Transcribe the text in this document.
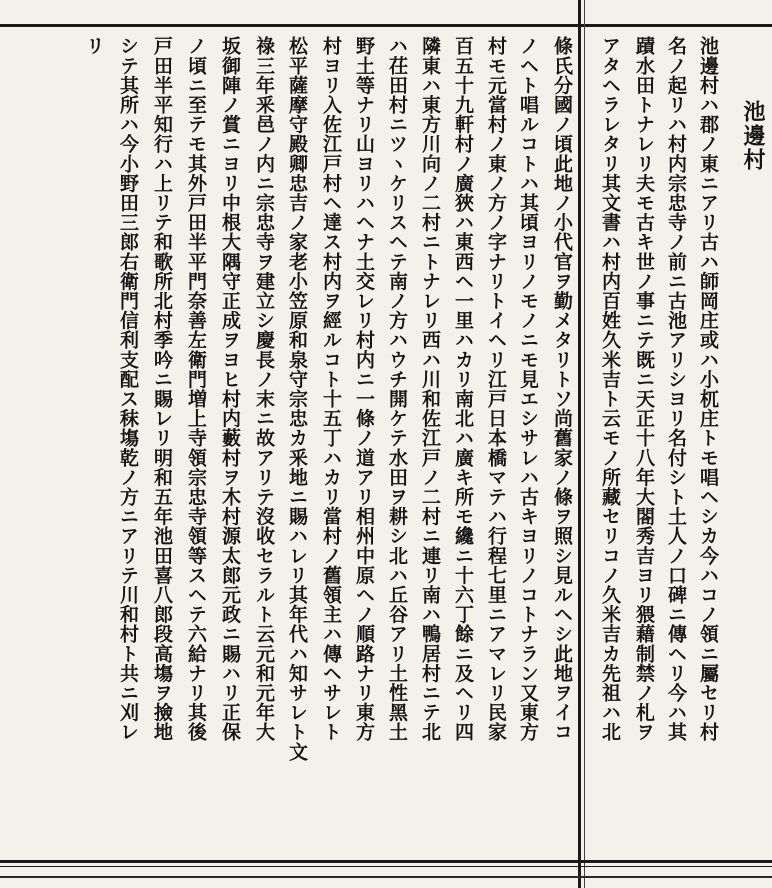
池邊村
池邊村ハ郡ノ東ニアリ古ハ師岡庄或ハ小杌庄トモ唱ヘシカ今ハコノ領ニ屬セリ村
名ノ起リハ村内宗忠寺ノ前ニ古池アリシヨリ名付シト土人ノ口碑ニ傳ヘリ今ハ其
蹟水田トナレリ夫モ古キ世ノ事ニテ既ニ天正十八年大閤秀吉ヨリ猥藉制禁ノ札ヲ
アタヘラレタリ其文書ハ村内百姓久米吉ト云モノ所藏セリコノ久米吉カ先祖ハ北
條氏分國ノ頃此地ノ小代官ヲ勤メタリトソ尚舊家ノ條ヲ照シ見ルヘシ此地ヲイコ
ノヘト唱ルコトハ其頃ヨリノモノニモ見エシサレハ古キヨリノコトナラン又東方
村モ元當村ノ東ノ方ノ字ナリトイヘリ江戸日本橋マテハ行程七里ニアマレリ民家
百五十九軒村ノ廣狹ハ東西ヘ一里ハカリ南北ハ廣キ所モ纔ニ十六丁餘ニ及ヘリ四
隣東ハ東方川向ノ二村ニトナレリ西ハ川和佐江戸ノ二村ニ連リ南ハ鴨居村ニテ北
ハ茌田村ニツヽケリスヘテ南ノ方ハウチ開ケテ水田ヲ耕シ北ハ丘谷アリ土性黑土
野土等ナリ山ヨリハヘナ土交レリ村内ニ一條ノ道アリ相州中原ヘノ順路ナリ東方
村ヨリ入佐江戸村ヘ達ス村内ヲ經ルコト十五丁ハカリ當村ノ舊領主ハ傳ヘサレト
松平薩摩守殿卿忠吉ノ家老小笠原和泉守宗忠カ釆地ニ賜ハレリ其年代ハ知サレト文
祿三年釆邑ノ内ニ宗忠寺ヲ建立シ慶長ノ末ニ故アリテ沒收セラルト云元和元年大
坂御陣ノ賞ニヨリ中根大隅守正成ヲヨヒ村内藪村ヲ木村源太郎元政ニ賜ハリ正保
ノ頃ニ至テモ其外戸田半平門奈善左衛門増上寺領宗忠寺領等スヘテ六給ナリ其後
戸田半平知行ハ上リテ和歌所北村季吟ニ賜レリ明和五年池田喜八郎段高塲ヲ撿地
シテ其所ハ今小野田三郎右衛門信利支配ス秣塲乾ノ方ニアリテ川和村ト共ニ刈レ
リ
